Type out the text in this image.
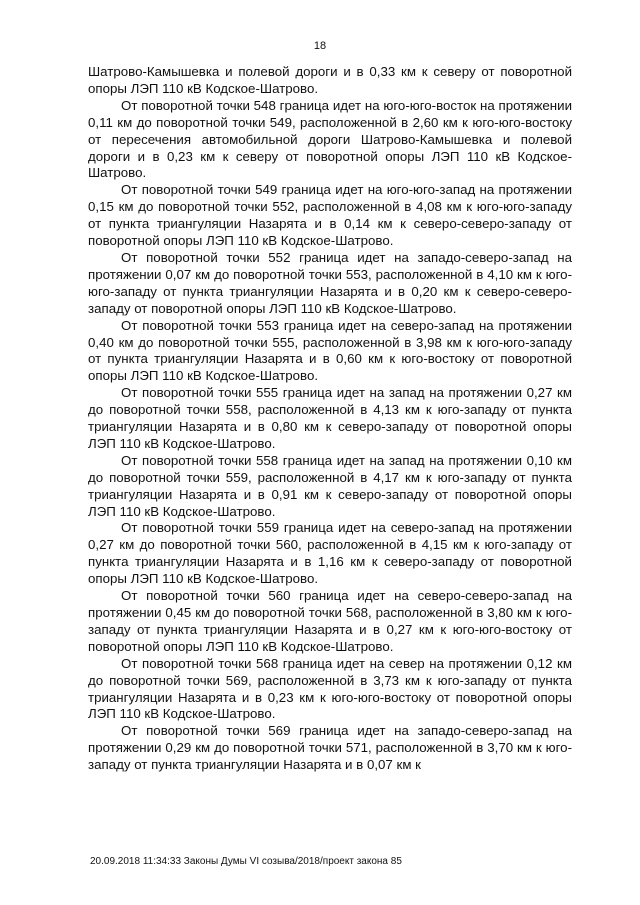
18

Шатрово-Камышевка и полевой дороги и в 0,33 км к северу от поворотной опоры ЛЭП 110 кВ Кодское-Шатрово.

От поворотной точки 548 граница идет на юго-юго-восток на протяжении 0,11 км до поворотной точки 549, расположенной в 2,60 км к юго-юго-востоку от пересечения автомобильной дороги Шатрово-Камышевка и полевой дороги и в 0,23 км к северу от поворотной опоры ЛЭП 110 кВ Кодское-Шатрово.

От поворотной точки 549 граница идет на юго-юго-запад на протяжении 0,15 км до поворотной точки 552, расположенной в 4,08 км к юго-юго-западу от пункта триангуляции Назарята и в 0,14 км к северо-северо-западу от поворотной опоры ЛЭП 110 кВ Кодское-Шатрово.

От поворотной точки 552 граница идет на западо-северо-запад на протяжении 0,07 км до поворотной точки 553, расположенной в 4,10 км к юго-юго-западу от пункта триангуляции Назарята и в 0,20 км к северо-северо-западу от поворотной опоры ЛЭП 110 кВ Кодское-Шатрово.

От поворотной точки 553 граница идет на северо-запад на протяжении 0,40 км до поворотной точки 555, расположенной в 3,98 км к юго-юго-западу от пункта триангуляции Назарята и в 0,60 км к юго-востоку от поворотной опоры ЛЭП 110 кВ Кодское-Шатрово.

От поворотной точки 555 граница идет на запад на протяжении 0,27 км до поворотной точки 558, расположенной в 4,13 км к юго-западу от пункта триангуляции Назарята и в 0,80 км к северо-западу от поворотной опоры ЛЭП 110 кВ Кодское-Шатрово.

От поворотной точки 558 граница идет на запад на протяжении 0,10 км до поворотной точки 559, расположенной в 4,17 км к юго-западу от пункта триангуляции Назарята и в 0,91 км к северо-западу от поворотной опоры ЛЭП 110 кВ Кодское-Шатрово.

От поворотной точки 559 граница идет на северо-запад на протяжении 0,27 км до поворотной точки 560, расположенной в 4,15 км к юго-западу от пункта триангуляции Назарята и в 1,16 км к северо-западу от поворотной опоры ЛЭП 110 кВ Кодское-Шатрово.

От поворотной точки 560 граница идет на северо-северо-запад на протяжении 0,45 км до поворотной точки 568, расположенной в 3,80 км к юго-западу от пункта триангуляции Назарята и в 0,27 км к юго-юго-востоку от поворотной опоры ЛЭП 110 кВ Кодское-Шатрово.

От поворотной точки 568 граница идет на север на протяжении 0,12 км до поворотной точки 569, расположенной в 3,73 км к юго-западу от пункта триангуляции Назарята и в 0,23 км к юго-юго-востоку от поворотной опоры ЛЭП 110 кВ Кодское-Шатрово.

От поворотной точки 569 граница идет на западо-северо-запад на протяжении 0,29 км до поворотной точки 571, расположенной в 3,70 км к юго-западу от пункта триангуляции Назарята и в 0,07 км к

20.09.2018 11:34:33 Законы Думы VI созыва/2018/проект закона 85
